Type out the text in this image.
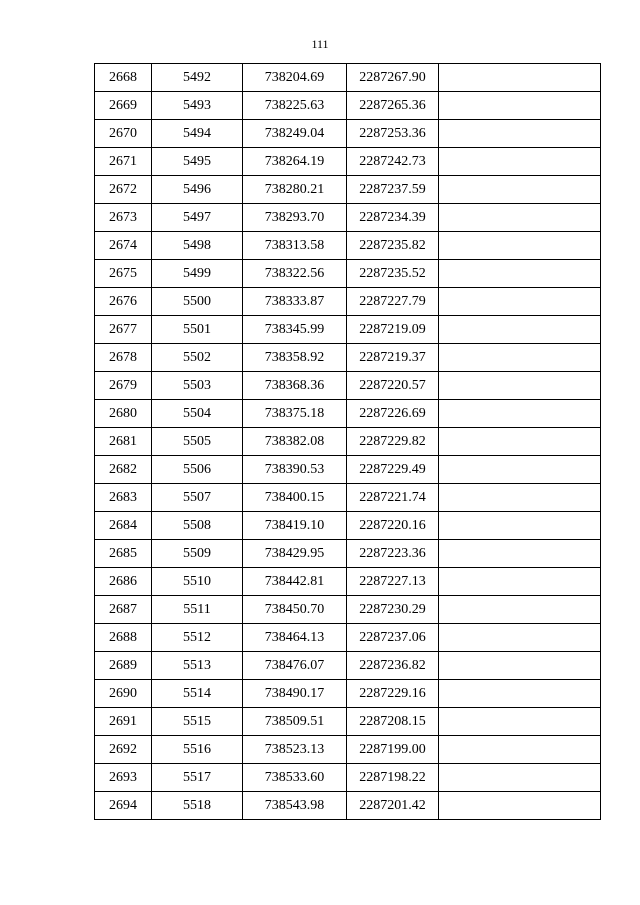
111
2668	5492	738204.69	2287267.90	
2669	5493	738225.63	2287265.36	
2670	5494	738249.04	2287253.36	
2671	5495	738264.19	2287242.73	
2672	5496	738280.21	2287237.59	
2673	5497	738293.70	2287234.39	
2674	5498	738313.58	2287235.82	
2675	5499	738322.56	2287235.52	
2676	5500	738333.87	2287227.79	
2677	5501	738345.99	2287219.09	
2678	5502	738358.92	2287219.37	
2679	5503	738368.36	2287220.57	
2680	5504	738375.18	2287226.69	
2681	5505	738382.08	2287229.82	
2682	5506	738390.53	2287229.49	
2683	5507	738400.15	2287221.74	
2684	5508	738419.10	2287220.16	
2685	5509	738429.95	2287223.36	
2686	5510	738442.81	2287227.13	
2687	5511	738450.70	2287230.29	
2688	5512	738464.13	2287237.06	
2689	5513	738476.07	2287236.82	
2690	5514	738490.17	2287229.16	
2691	5515	738509.51	2287208.15	
2692	5516	738523.13	2287199.00	
2693	5517	738533.60	2287198.22	
2694	5518	738543.98	2287201.42	
